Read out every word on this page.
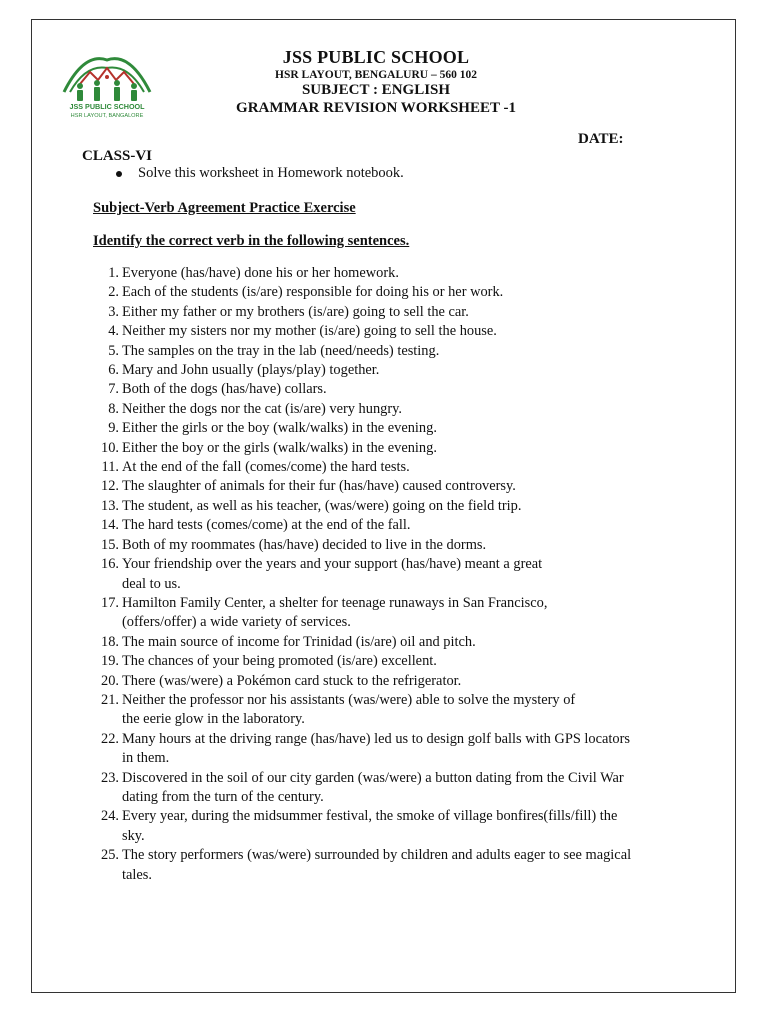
JSS PUBLIC SCHOOL
HSR LAYOUT, BANGALORE
JSS PUBLIC SCHOOL
HSR LAYOUT, BENGALURU – 560 102
SUBJECT : ENGLISH
GRAMMAR REVISION WORKSHEET -1
DATE:
CLASS-VI
Solve this worksheet in Homework notebook.
Subject-Verb Agreement Practice Exercise
Identify the correct verb in the following sentences.
1. Everyone (has/have) done his or her homework.
2. Each of the students (is/are) responsible for doing his or her work.
3. Either my father or my brothers (is/are) going to sell the car.
4. Neither my sisters nor my mother (is/are) going to sell the house.
5. The samples on the tray in the lab (need/needs) testing.
6. Mary and John usually (plays/play) together.
7. Both of the dogs (has/have) collars.
8. Neither the dogs nor the cat (is/are) very hungry.
9. Either the girls or the boy (walk/walks) in the evening.
10. Either the boy or the girls (walk/walks) in the evening.
11. At the end of the fall (comes/come) the hard tests.
12. The slaughter of animals for their fur (has/have) caused controversy.
13. The student, as well as his teacher, (was/were) going on the field trip.
14. The hard tests (comes/come) at the end of the fall.
15. Both of my roommates (has/have) decided to live in the dorms.
16. Your friendship over the years and your support (has/have) meant a great
deal to us.
17. Hamilton Family Center, a shelter for teenage runaways in San Francisco,
(offers/offer) a wide variety of services.
18. The main source of income for Trinidad (is/are) oil and pitch.
19. The chances of your being promoted (is/are) excellent.
20. There (was/were) a Pokémon card stuck to the refrigerator.
21. Neither the professor nor his assistants (was/were) able to solve the mystery of
the eerie glow in the laboratory.
22. Many hours at the driving range (has/have) led us to design golf balls with GPS locators
in them.
23. Discovered in the soil of our city garden (was/were) a button dating from the Civil War
dating from the turn of the century.
24. Every year, during the midsummer festival, the smoke of village bonfires(fills/fill) the
sky.
25. The story performers (was/were) surrounded by children and adults eager to see magical
tales.
